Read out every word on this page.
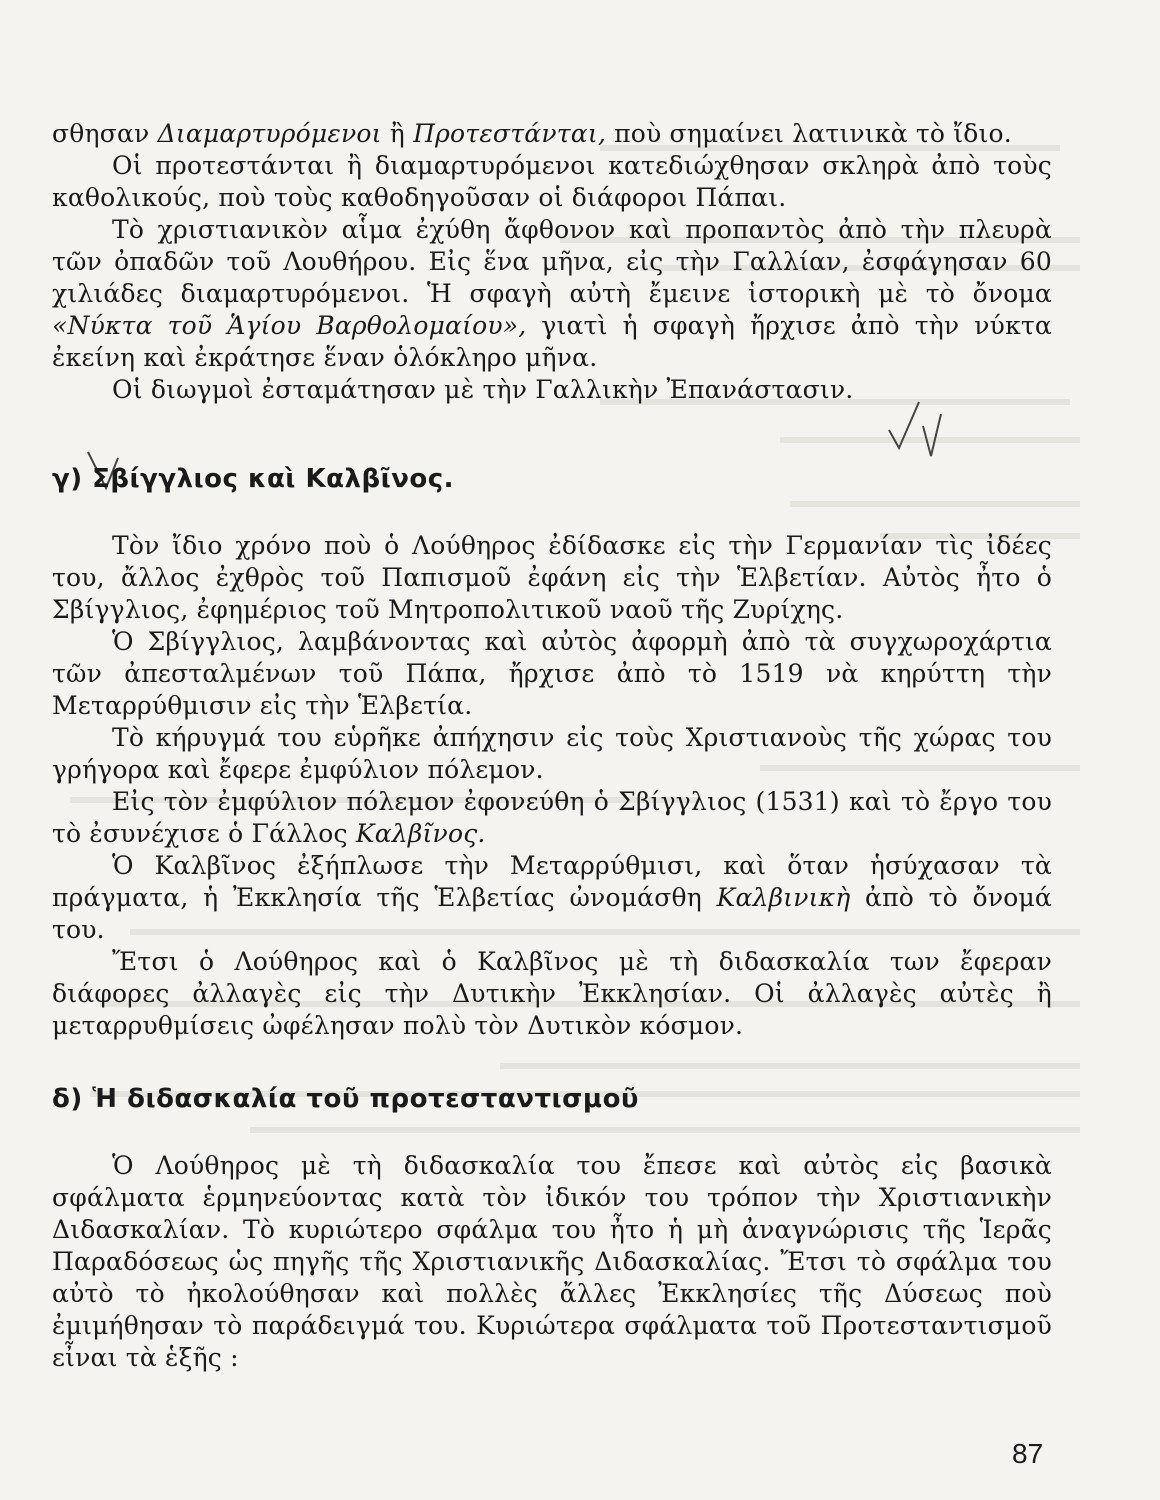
σθησαν Διαμαρτυρόμενοι ἢ Προτεστάνται, ποὺ σημαίνει λατινικὰ τὸ ἴδιο.

Οἱ προτεστάνται ἢ διαμαρτυρόμενοι κατεδιώχθησαν σκληρὰ ἀπὸ τοὺς καθολικούς, ποὺ τοὺς καθοδηγοῦσαν οἱ διάφοροι Πάπαι.

Τὸ χριστιανικὸν αἷμα ἐχύθη ἄφθονον καὶ προπαντὸς ἀπὸ τὴν πλευρὰ τῶν ὀπαδῶν τοῦ Λουθήρου. Εἰς ἕνα μῆνα, εἰς τὴν Γαλλίαν, ἐσφάγησαν 60 χιλιάδες διαμαρτυρόμενοι. Ἡ σφαγὴ αὐτὴ ἔμεινε ἱστορικὴ μὲ τὸ ὄνομα «Νύκτα τοῦ Ἁγίου Βαρθολομαίου», γιατὶ ἡ σφαγὴ ἤρχισε ἀπὸ τὴν νύκτα ἐκείνη καὶ ἐκράτησε ἕναν ὁλόκληρο μῆνα.

Οἱ διωγμοὶ ἐσταμάτησαν μὲ τὴν Γαλλικὴν Ἐπανάστασιν.

γ) Σβίγγλιος καὶ Καλβῖνος.

Τὸν ἴδιο χρόνο ποὺ ὁ Λούθηρος ἐδίδασκε εἰς τὴν Γερμανίαν τὶς ἰδέες του, ἄλλος ἐχθρὸς τοῦ Παπισμοῦ ἐφάνη εἰς τὴν Ἑλβετίαν. Αὐτὸς ἦτο ὁ Σβίγγλιος, ἐφημέριος τοῦ Μητροπολιτικοῦ ναοῦ τῆς Ζυρίχης.

Ὁ Σβίγγλιος, λαμβάνοντας καὶ αὐτὸς ἀφορμὴ ἀπὸ τὰ συγχωροχάρτια τῶν ἀπεσταλμένων τοῦ Πάπα, ἤρχισε ἀπὸ τὸ 1519 νὰ κηρύττη τὴν Μεταρρύθμισιν εἰς τὴν Ἑλβετία.

Τὸ κήρυγμά του εὑρῆκε ἀπήχησιν εἰς τοὺς Χριστιανοὺς τῆς χώρας του γρήγορα καὶ ἔφερε ἐμφύλιον πόλεμον.

Εἰς τὸν ἐμφύλιον πόλεμον ἐφονεύθη ὁ Σβίγγλιος (1531) καὶ τὸ ἔργο του τὸ ἐσυνέχισε ὁ Γάλλος Καλβῖνος.

Ὁ Καλβῖνος ἐξήπλωσε τὴν Μεταρρύθμισι, καὶ ὅταν ἡσύχασαν τὰ πράγματα, ἡ Ἐκκλησία τῆς Ἑλβετίας ὠνομάσθη Καλβινικὴ ἀπὸ τὸ ὄνομά του.

Ἔτσι ὁ Λούθηρος καὶ ὁ Καλβῖνος μὲ τὴ διδασκαλία των ἔφεραν διάφορες ἀλλαγὲς εἰς τὴν Δυτικὴν Ἐκκλησίαν. Οἱ ἀλλαγὲς αὐτὲς ἢ μεταρρυθμίσεις ὠφέλησαν πολὺ τὸν Δυτικὸν κόσμον.

δ) Ἡ διδασκαλία τοῦ προτεσταντισμοῦ

Ὁ Λούθηρος μὲ τὴ διδασκαλία του ἔπεσε καὶ αὐτὸς εἰς βασικὰ σφάλματα ἑρμηνεύοντας κατὰ τὸν ἰδικόν του τρόπον τὴν Χριστιανικὴν Διδασκαλίαν. Τὸ κυριώτερο σφάλμα του ἦτο ἡ μὴ ἀναγνώρισις τῆς Ἱερᾶς Παραδόσεως ὡς πηγῆς τῆς Χριστιανικῆς Διδασκαλίας. Ἔτσι τὸ σφάλμα του αὐτὸ τὸ ἠκολούθησαν καὶ πολλὲς ἄλλες Ἐκκλησίες τῆς Δύσεως ποὺ ἐμιμήθησαν τὸ παράδειγμά του. Κυριώτερα σφάλματα τοῦ Προτεσταντισμοῦ εἶναι τὰ ἑξῆς :

87
